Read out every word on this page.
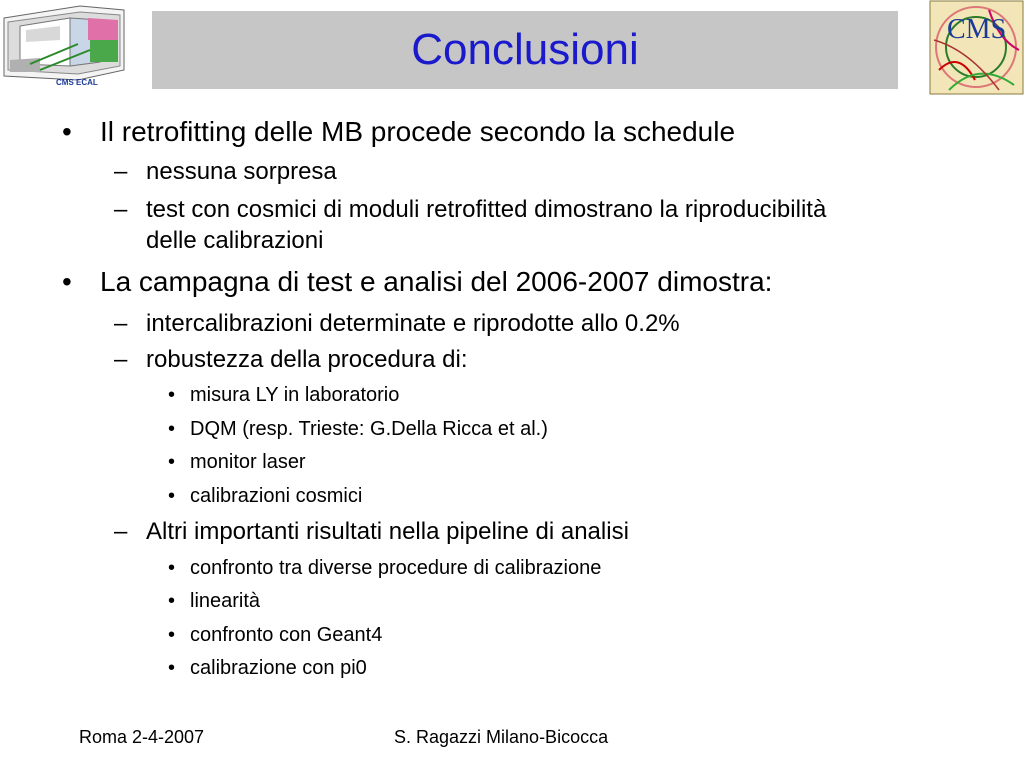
CMS ECAL
Conclusioni	CMS
• Il retrofitting delle MB procede secondo la schedule
– nessuna sorpresa
– test con cosmici di moduli retrofitted dimostrano la riproducibilità
delle calibrazioni
• La campagna di test e analisi del 2006-2007 dimostra:
– intercalibrazioni determinate e riprodotte allo 0.2%
– robustezza della procedura di:
• misura LY in laboratorio
• DQM (resp. Trieste: G.Della Ricca et al.)
• monitor laser
• calibrazioni cosmici
– Altri importanti risultati nella pipeline di analisi
• confronto tra diverse procedure di calibrazione
• linearità
• confronto con Geant4
• calibrazione con pi0
Roma 2-4-2007	S. Ragazzi Milano-Bicocca
